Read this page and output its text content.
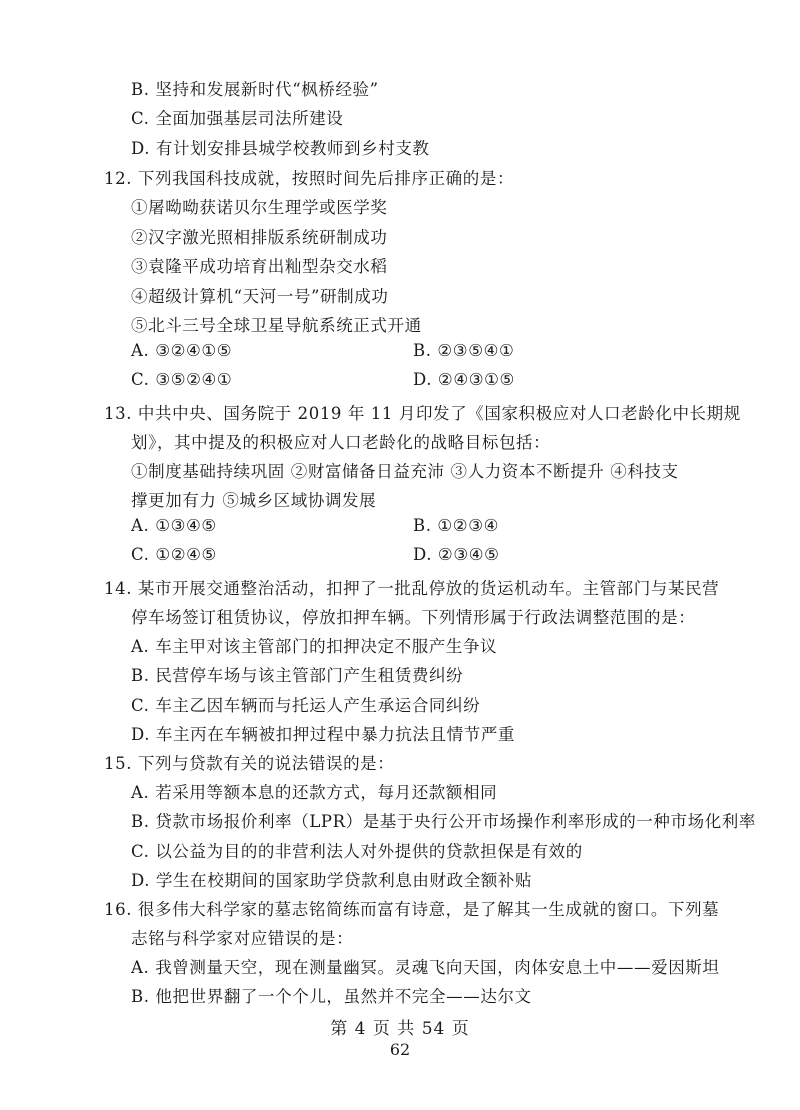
B. 坚持和发展新时代“枫桥经验”
C. 全面加强基层司法所建设
D. 有计划安排县城学校教师到乡村支教
12. 下列我国科技成就，按照时间先后排序正确的是：
①屠呦呦获诺贝尔生理学或医学奖
②汉字激光照相排版系统研制成功
③袁隆平成功培育出籼型杂交水稻
④超级计算机“天河一号”研制成功
⑤北斗三号全球卫星导航系统正式开通
A. ③②④①⑤	B. ②③⑤④①
C. ③⑤②④①	D. ②④③①⑤
13. 中共中央、国务院于 2019 年 11 月印发了《国家积极应对人口老龄化中长期规
划》，其中提及的积极应对人口老龄化的战略目标包括：
①制度基础持续巩固 ②财富储备日益充沛 ③人力资本不断提升 ④科技支
撑更加有力 ⑤城乡区域协调发展
A. ①③④⑤	B. ①②③④
C. ①②④⑤	D. ②③④⑤
14. 某市开展交通整治活动，扣押了一批乱停放的货运机动车。主管部门与某民营
停车场签订租赁协议，停放扣押车辆。下列情形属于行政法调整范围的是：
A. 车主甲对该主管部门的扣押决定不服产生争议
B. 民营停车场与该主管部门产生租赁费纠纷
C. 车主乙因车辆而与托运人产生承运合同纠纷
D. 车主丙在车辆被扣押过程中暴力抗法且情节严重
15. 下列与贷款有关的说法错误的是：
A. 若采用等额本息的还款方式，每月还款额相同
B. 贷款市场报价利率（LPR）是基于央行公开市场操作利率形成的一种市场化利率
C. 以公益为目的的非营利法人对外提供的贷款担保是有效的
D. 学生在校期间的国家助学贷款利息由财政全额补贴
16. 很多伟大科学家的墓志铭简练而富有诗意，是了解其一生成就的窗口。下列墓
志铭与科学家对应错误的是：
A. 我曾测量天空，现在测量幽冥。灵魂飞向天国，肉体安息土中——爱因斯坦
B. 他把世界翻了一个个儿，虽然并不完全——达尔文
第 4 页 共 54 页
62
